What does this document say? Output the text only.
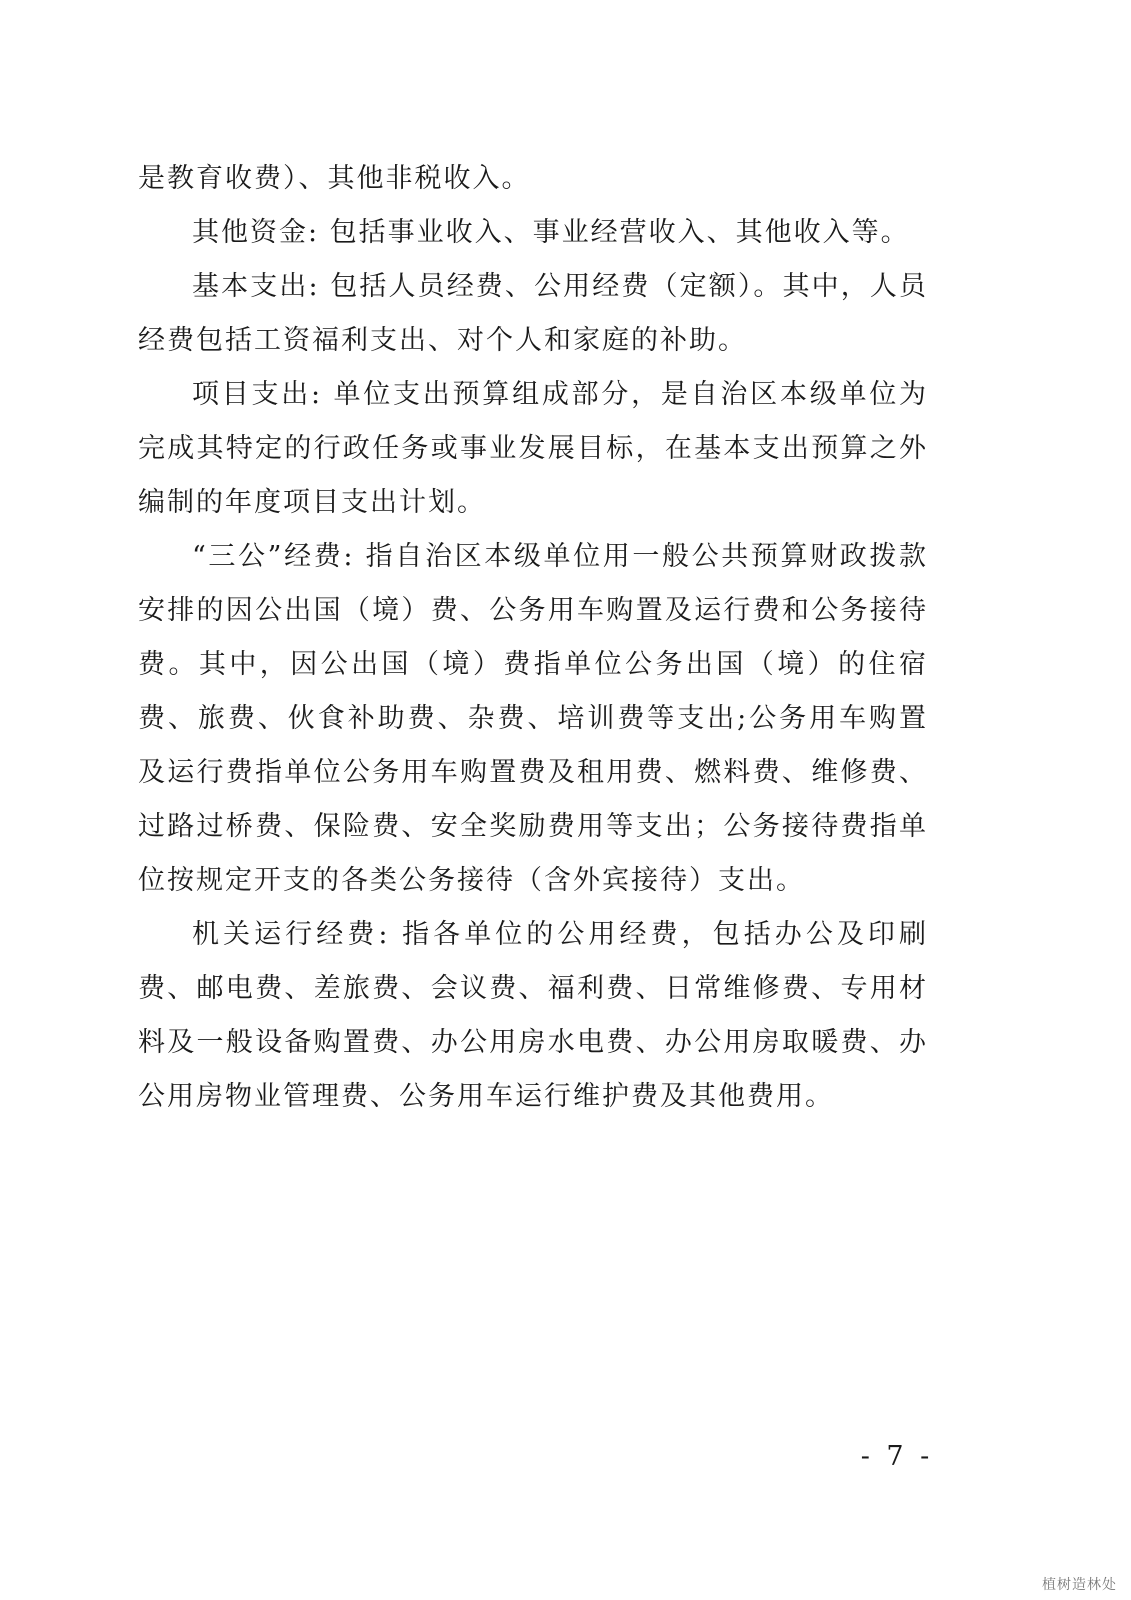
是教育收费）、其他非税收入。

其他资金: 包括事业收入、事业经营收入、其他收入等。

基本支出: 包括人员经费、公用经费（定额）。其中，人员经费包括工资福利支出、对个人和家庭的补助。

项目支出: 单位支出预算组成部分，是自治区本级单位为完成其特定的行政任务或事业发展目标，在基本支出预算之外编制的年度项目支出计划。

“三公”经费: 指自治区本级单位用一般公共预算财政拨款安排的因公出国（境）费、公务用车购置及运行费和公务接待费。其中，因公出国（境）费指单位公务出国（境）的住宿费、旅费、伙食补助费、杂费、培训费等支出;公务用车购置及运行费指单位公务用车购置费及租用费、燃料费、维修费、过路过桥费、保险费、安全奖励费用等支出；公务接待费指单位按规定开支的各类公务接待（含外宾接待）支出。

机关运行经费: 指各单位的公用经费，包括办公及印刷费、邮电费、差旅费、会议费、福利费、日常维修费、专用材料及一般设备购置费、办公用房水电费、办公用房取暖费、办公用房物业管理费、公务用车运行维护费及其他费用。

- 7 -
植树造林处
